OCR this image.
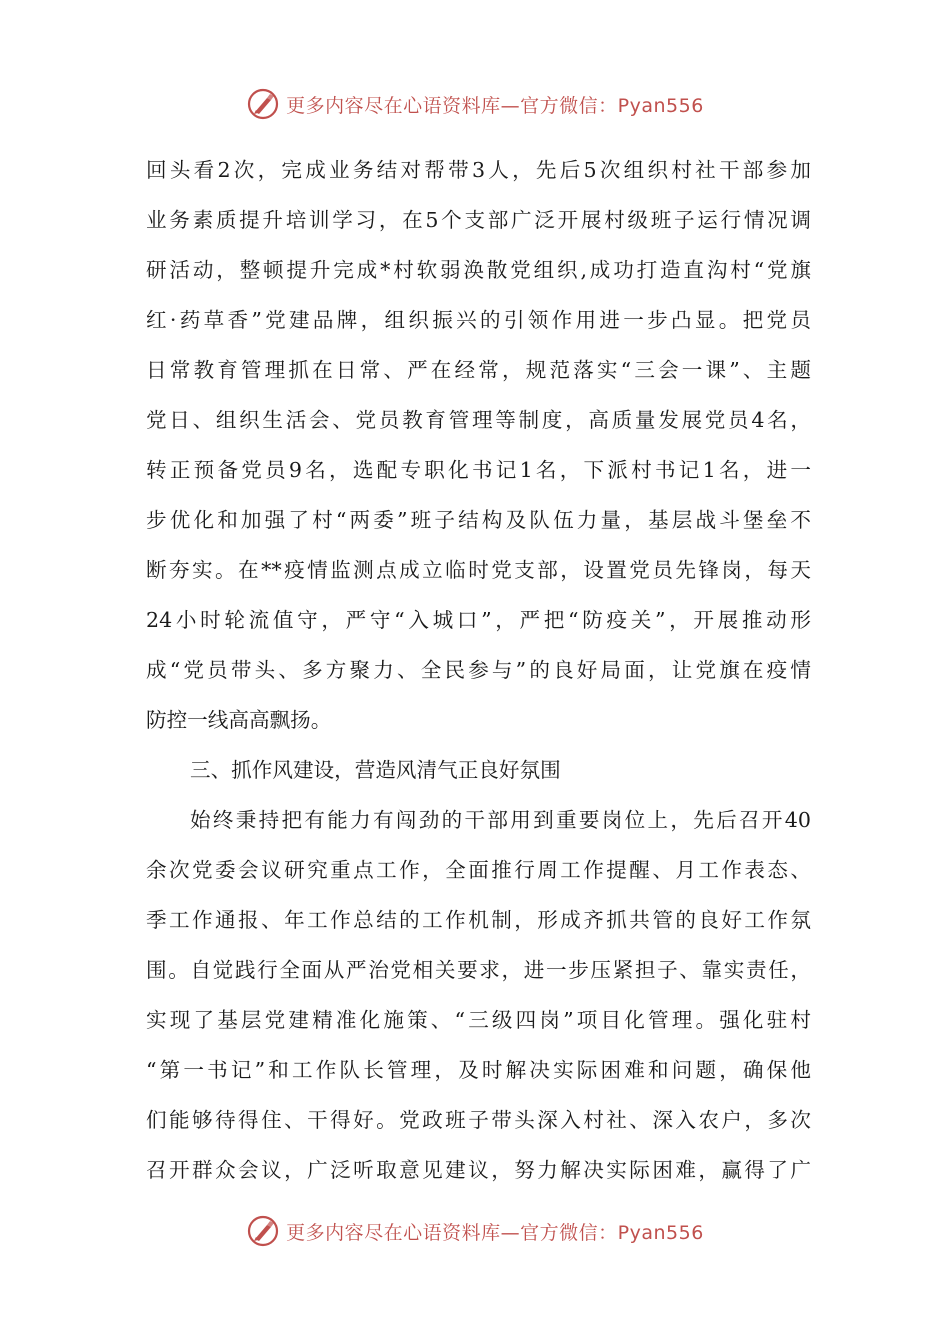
更多内容尽在心语资料库—官方微信：Pyan556
回头看2次，完成业务结对帮带3人，先后5次组织村社干部参加
业务素质提升培训学习，在5个支部广泛开展村级班子运行情况调
研活动，整顿提升完成*村软弱涣散党组织,成功打造直沟村“党旗
红·药草香”党建品牌，组织振兴的引领作用进一步凸显。把党员
日常教育管理抓在日常、严在经常，规范落实“三会一课”、主题
党日、组织生活会、党员教育管理等制度，高质量发展党员4名，
转正预备党员9名，选配专职化书记1名，下派村书记1名，进一
步优化和加强了村“两委”班子结构及队伍力量，基层战斗堡垒不
断夯实。在**疫情监测点成立临时党支部，设置党员先锋岗，每天
24小时轮流值守，严守“入城口”，严把“防疫关”，开展推动形
成“党员带头、多方聚力、全民参与”的良好局面，让党旗在疫情
防控一线高高飘扬。
三、抓作风建设，营造风清气正良好氛围
始终秉持把有能力有闯劲的干部用到重要岗位上，先后召开40
余次党委会议研究重点工作，全面推行周工作提醒、月工作表态、
季工作通报、年工作总结的工作机制，形成齐抓共管的良好工作氛
围。自觉践行全面从严治党相关要求，进一步压紧担子、靠实责任，
实现了基层党建精准化施策、“三级四岗”项目化管理。强化驻村
“第一书记”和工作队长管理，及时解决实际困难和问题，确保他
们能够待得住、干得好。党政班子带头深入村社、深入农户，多次
召开群众会议，广泛听取意见建议，努力解决实际困难，赢得了广
更多内容尽在心语资料库—官方微信：Pyan556
